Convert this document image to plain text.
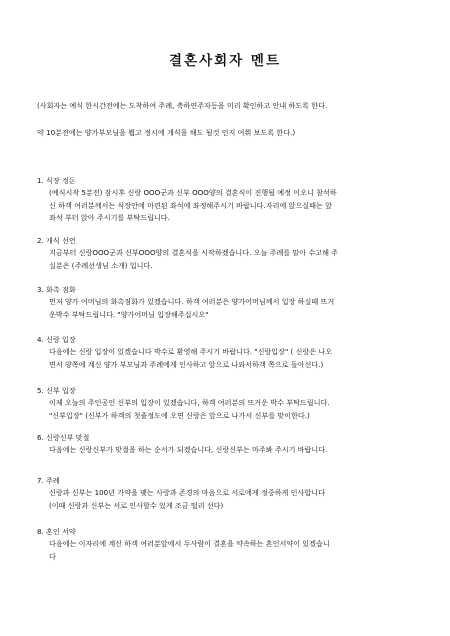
결혼사회자 멘트
(사회자는 예식 한시간전에는 도착하여 주례, 축하연주자등을 미리 확인하고 안내 하도록 한다.
약 10분전에는 양가부모님을 뵙고 정시에 개식을 해도 될것 인지 여쭤 보도록 한다.)
1. 식장 정돈
(예식시작 5분전) 잠시후 신랑 OOO군과 신부 OOO양의 결혼식이 진행될 예정 이오니 참석하
신 하객 여러분께서는 식장안에 마련된 좌석에 좌정해주시기 바랍니다.자리에 앉으실때는 앞
좌석 부터 앉아 주시기를 부탁드립니다.
2. 개식 선언
지금부터 신랑OOO군과 신부OOO양의 결혼식을 시작하겠습니다. 오늘 주례를 맡아 수고해 주
실분은 (주례선생님 소개) 입니다.
3. 화촉 점화
먼저 양가 어머님의 화촉점화가 있겠습니다. 하객 여러분은 양가어머님께서 입장 하실때 뜨거
운박수 부탁드립니다. "양가어머님 입장해주십시오"
4. 신랑 입장
다음에는 신랑 입장이 있겠습니다 박수로 환영해 주시기 바랍니다. "신랑입장" ( 신랑은 나오
면서 양쪽에 계신 양가 부모님과 주례에게 인사하고 앞으로 나와서하객 쪽으로 돌아선다.)
5. 신부 입장
이제 오늘의 주인공인 신부의 입장이 있겠습니다, 하객 여러분의 뜨거운 박수 부탁드립니다.
"신부입장" (신부가 하객의 첫줄정도에 오면 신랑은 앞으로 나가서 신부를 맞이한다.)
6. 신랑신부 맞절
다음에는 신랑신부가 맞절을 하는 순서가 되겠습니다, 신랑신부는 마주봐 주시기 바랍니다.
7. 주례
신랑과 신부는 100년 가약을 맺는 사랑과 존경의 마음으로 서로에게 정중하게 인사합니다
(이때 신랑과 신부는 서로 인사할수 있게 조금 떨리 선다)
8. 혼인 서약
다음에는 이자리에 계신 하객 여러분앞에서 두사람이 결혼을 약속하는 혼인서약이 있겠습니
다
